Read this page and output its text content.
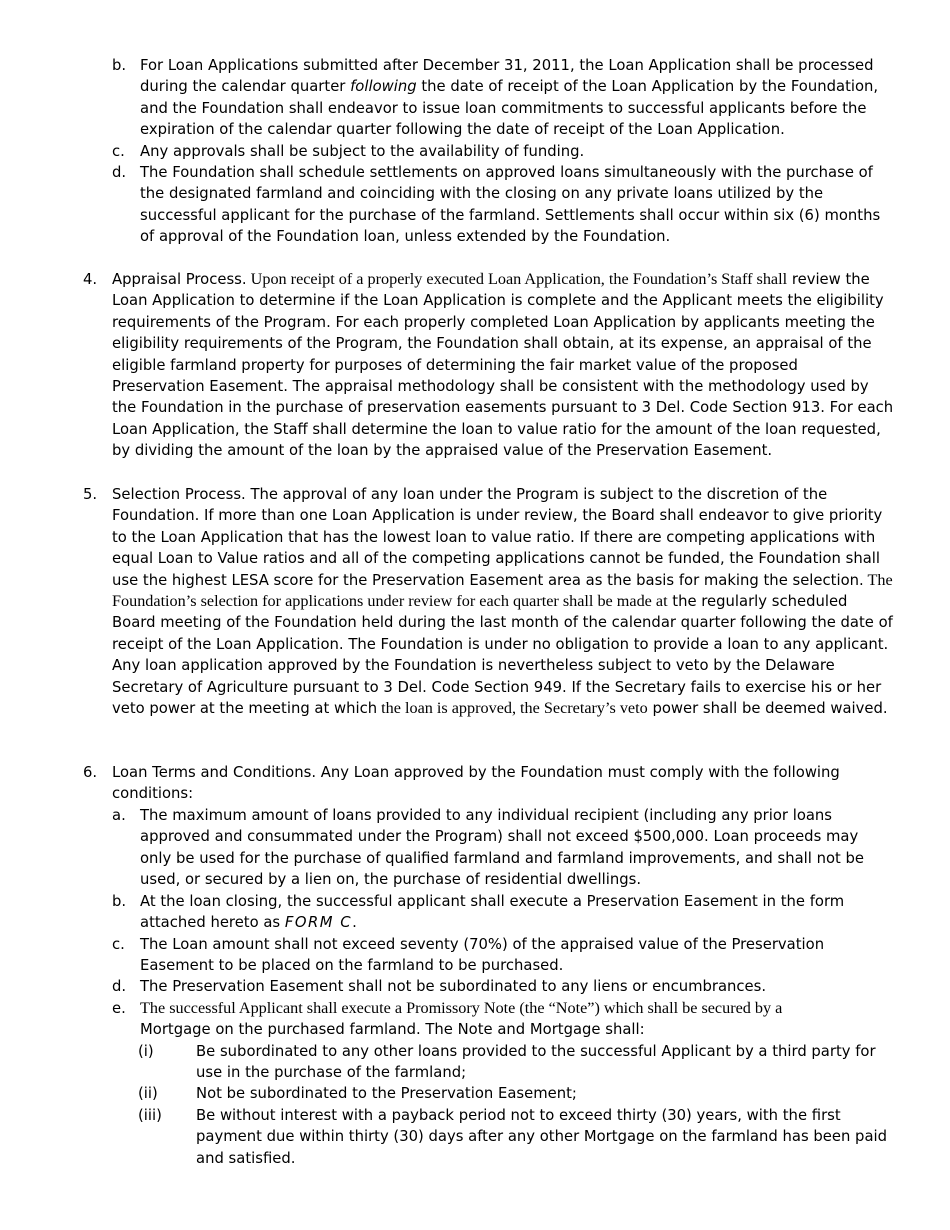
b. For Loan Applications submitted after December 31, 2011, the Loan Application shall be processed during the calendar quarter following the date of receipt of the Loan Application by the Foundation, and the Foundation shall endeavor to issue loan commitments to successful applicants before the expiration of the calendar quarter following the date of receipt of the Loan Application.
c.	Any approvals shall be subject to the availability of funding.
d. The Foundation shall schedule settlements on approved loans simultaneously with the purchase of the designated farmland and coinciding with the closing on any private loans utilized by the successful applicant for the purchase of the farmland. Settlements shall occur within six (6) months of approval of the Foundation loan, unless extended by the Foundation.
4.	Appraisal Process. Upon receipt of a properly executed Loan Application, the Foundation’s Staff shall review the Loan Application to determine if the Loan Application is complete and the Applicant meets the eligibility requirements of the Program. For each properly completed Loan Application by applicants meeting the eligibility requirements of the Program, the Foundation shall obtain, at its expense, an appraisal of the eligible farmland property for purposes of determining the fair market value of the proposed Preservation Easement. The appraisal methodology shall be consistent with the methodology used by the Foundation in the purchase of preservation easements pursuant to 3 Del. Code Section 913. For each Loan Application, the Staff shall determine the loan to value ratio for the amount of the loan requested, by dividing the amount of the loan by the appraised value of the Preservation Easement.
5.	Selection Process. The approval of any loan under the Program is subject to the discretion of the Foundation. If more than one Loan Application is under review, the Board shall endeavor to give priority to the Loan Application that has the lowest loan to value ratio. If there are competing applications with equal Loan to Value ratios and all of the competing applications cannot be funded, the Foundation shall use the highest LESA score for the Preservation Easement area as the basis for making the selection. The Foundation’s selection for applications under review for each quarter shall be made at the regularly scheduled Board meeting of the Foundation held during the last month of the calendar quarter following the date of receipt of the Loan Application. The Foundation is under no obligation to provide a loan to any applicant. Any loan application approved by the Foundation is nevertheless subject to veto by the Delaware Secretary of Agriculture pursuant to 3 Del. Code Section 949. If the Secretary fails to exercise his or her veto power at the meeting at which the loan is approved, the Secretary’s veto power shall be deemed waived.
6.	Loan Terms and Conditions. Any Loan approved by the Foundation must comply with the following conditions:
a. The maximum amount of loans provided to any individual recipient (including any prior loans approved and consummated under the Program) shall not exceed $500,000. Loan proceeds may only be used for the purchase of qualified farmland and farmland improvements, and shall not be used, or secured by a lien on, the purchase of residential dwellings.
b. At the loan closing, the successful applicant shall execute a Preservation Easement in the form attached hereto as FORM C.
c.	The Loan amount shall not exceed seventy (70%) of the appraised value of the Preservation Easement to be placed on the farmland to be purchased.
d. The Preservation Easement shall not be subordinated to any liens or encumbrances.
e. The successful Applicant shall execute a Promissory Note (the “Note”) which shall be secured by a
Mortgage on the purchased farmland. The Note and Mortgage shall:
(i)	Be subordinated to any other loans provided to the successful Applicant by a third party for use in the purchase of the farmland;
(ii)	Not be subordinated to the Preservation Easement;
(iii)	Be without interest with a payback period not to exceed thirty (30) years, with the first payment due within thirty (30) days after any other Mortgage on the farmland has been paid and satisfied.
